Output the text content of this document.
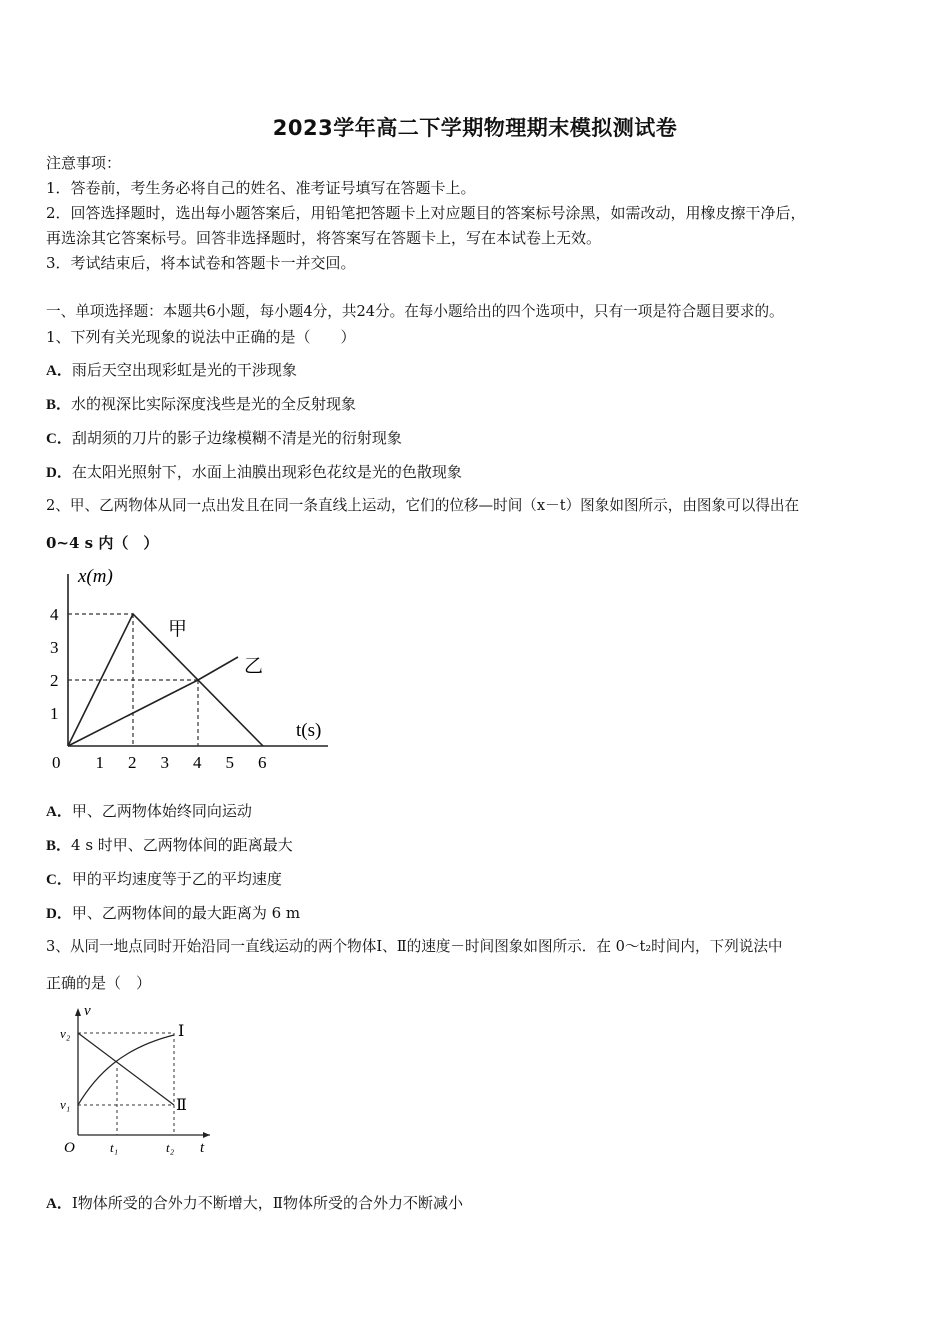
2023学年高二下学期物理期末模拟测试卷
注意事项：
1．答卷前，考生务必将自己的姓名、准考证号填写在答题卡上。
2．回答选择题时，选出每小题答案后，用铅笔把答题卡上对应题目的答案标号涂黑，如需改动，用橡皮擦干净后，
再选涂其它答案标号。回答非选择题时，将答案写在答题卡上，写在本试卷上无效。
3．考试结束后，将本试卷和答题卡一并交回。
一、单项选择题：本题共6小题，每小题4分，共24分。在每小题给出的四个选项中，只有一项是符合题目要求的。
1、下列有关光现象的说法中正确的是（　　）
A．雨后天空出现彩虹是光的干涉现象
B．水的视深比实际深度浅些是光的全反射现象
C．刮胡须的刀片的影子边缘模糊不清是光的衍射现象
D．在太阳光照射下，水面上油膜出现彩色花纹是光的色散现象
2、甲、乙两物体从同一点出发且在同一条直线上运动，它们的位移—时间（x－t）图象如图所示，由图象可以得出在
0~4 s 内（　）
1 2 3 4 5 6
1
2
3
4
x(m)
t(s)
0
甲
乙
A．甲、乙两物体始终同向运动
B．4 s 时甲、乙两物体间的距离最大
C．甲的平均速度等于乙的平均速度
D．甲、乙两物体间的最大距离为 6 m
3、从同一地点同时开始沿同一直线运动的两个物体Ⅰ、Ⅱ的速度－时间图象如图所示．在 0～t₂时间内，下列说法中
正确的是（　）
v
t
O
v₂
v₁
t₁	t₂
Ⅰ
Ⅱ
A．Ⅰ物体所受的合外力不断增大，Ⅱ物体所受的合外力不断减小
